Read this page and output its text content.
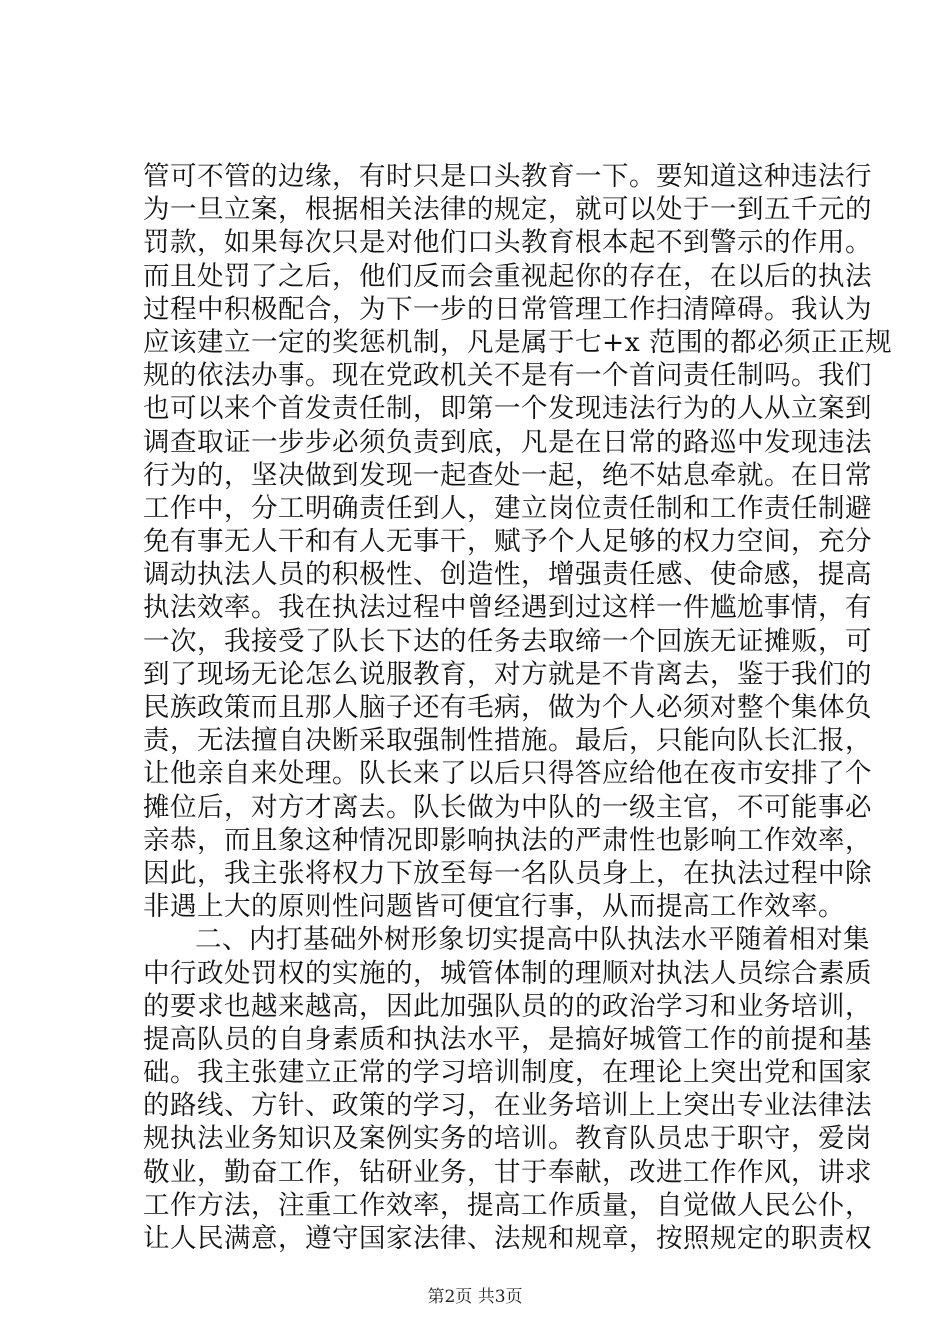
管可不管的边缘，有时只是口头教育一下。要知道这种违法行
为一旦立案，根据相关法律的规定，就可以处于一到五千元的
罚款，如果每次只是对他们口头教育根本起不到警示的作用。
而且处罚了之后，他们反而会重视起你的存在，在以后的执法
过程中积极配合，为下一步的日常管理工作扫清障碍。我认为
应该建立一定的奖惩机制，凡是属于七+x 范围的都必须正正规
规的依法办事。现在党政机关不是有一个首问责任制吗。我们
也可以来个首发责任制，即第一个发现违法行为的人从立案到
调查取证一步步必须负责到底，凡是在日常的路巡中发现违法
行为的，坚决做到发现一起查处一起，绝不姑息牵就。在日常
工作中，分工明确责任到人，建立岗位责任制和工作责任制避
免有事无人干和有人无事干，赋予个人足够的权力空间，充分
调动执法人员的积极性、创造性，增强责任感、使命感，提高
执法效率。我在执法过程中曾经遇到过这样一件尴尬事情，有
一次，我接受了队长下达的任务去取缔一个回族无证摊贩，可
到了现场无论怎么说服教育，对方就是不肯离去，鉴于我们的
民族政策而且那人脑子还有毛病，做为个人必须对整个集体负
责，无法擅自决断采取强制性措施。最后，只能向队长汇报，
让他亲自来处理。队长来了以后只得答应给他在夜市安排了个
摊位后，对方才离去。队长做为中队的一级主官，不可能事必
亲恭，而且象这种情况即影响执法的严肃性也影响工作效率，
因此，我主张将权力下放至每一名队员身上，在执法过程中除
非遇上大的原则性问题皆可便宜行事，从而提高工作效率。
二、内打基础外树形象切实提高中队执法水平随着相对集
中行政处罚权的实施的，城管体制的理顺对执法人员综合素质
的要求也越来越高，因此加强队员的的政治学习和业务培训，
提高队员的自身素质和执法水平，是搞好城管工作的前提和基
础。我主张建立正常的学习培训制度，在理论上突出党和国家
的路线、方针、政策的学习，在业务培训上上突出专业法律法
规执法业务知识及案例实务的培训。教育队员忠于职守，爱岗
敬业，勤奋工作，钻研业务，甘于奉献，改进工作作风，讲求
工作方法，注重工作效率，提高工作质量，自觉做人民公仆，
让人民满意，遵守国家法律、法规和规章，按照规定的职责权
第2页 共3页
